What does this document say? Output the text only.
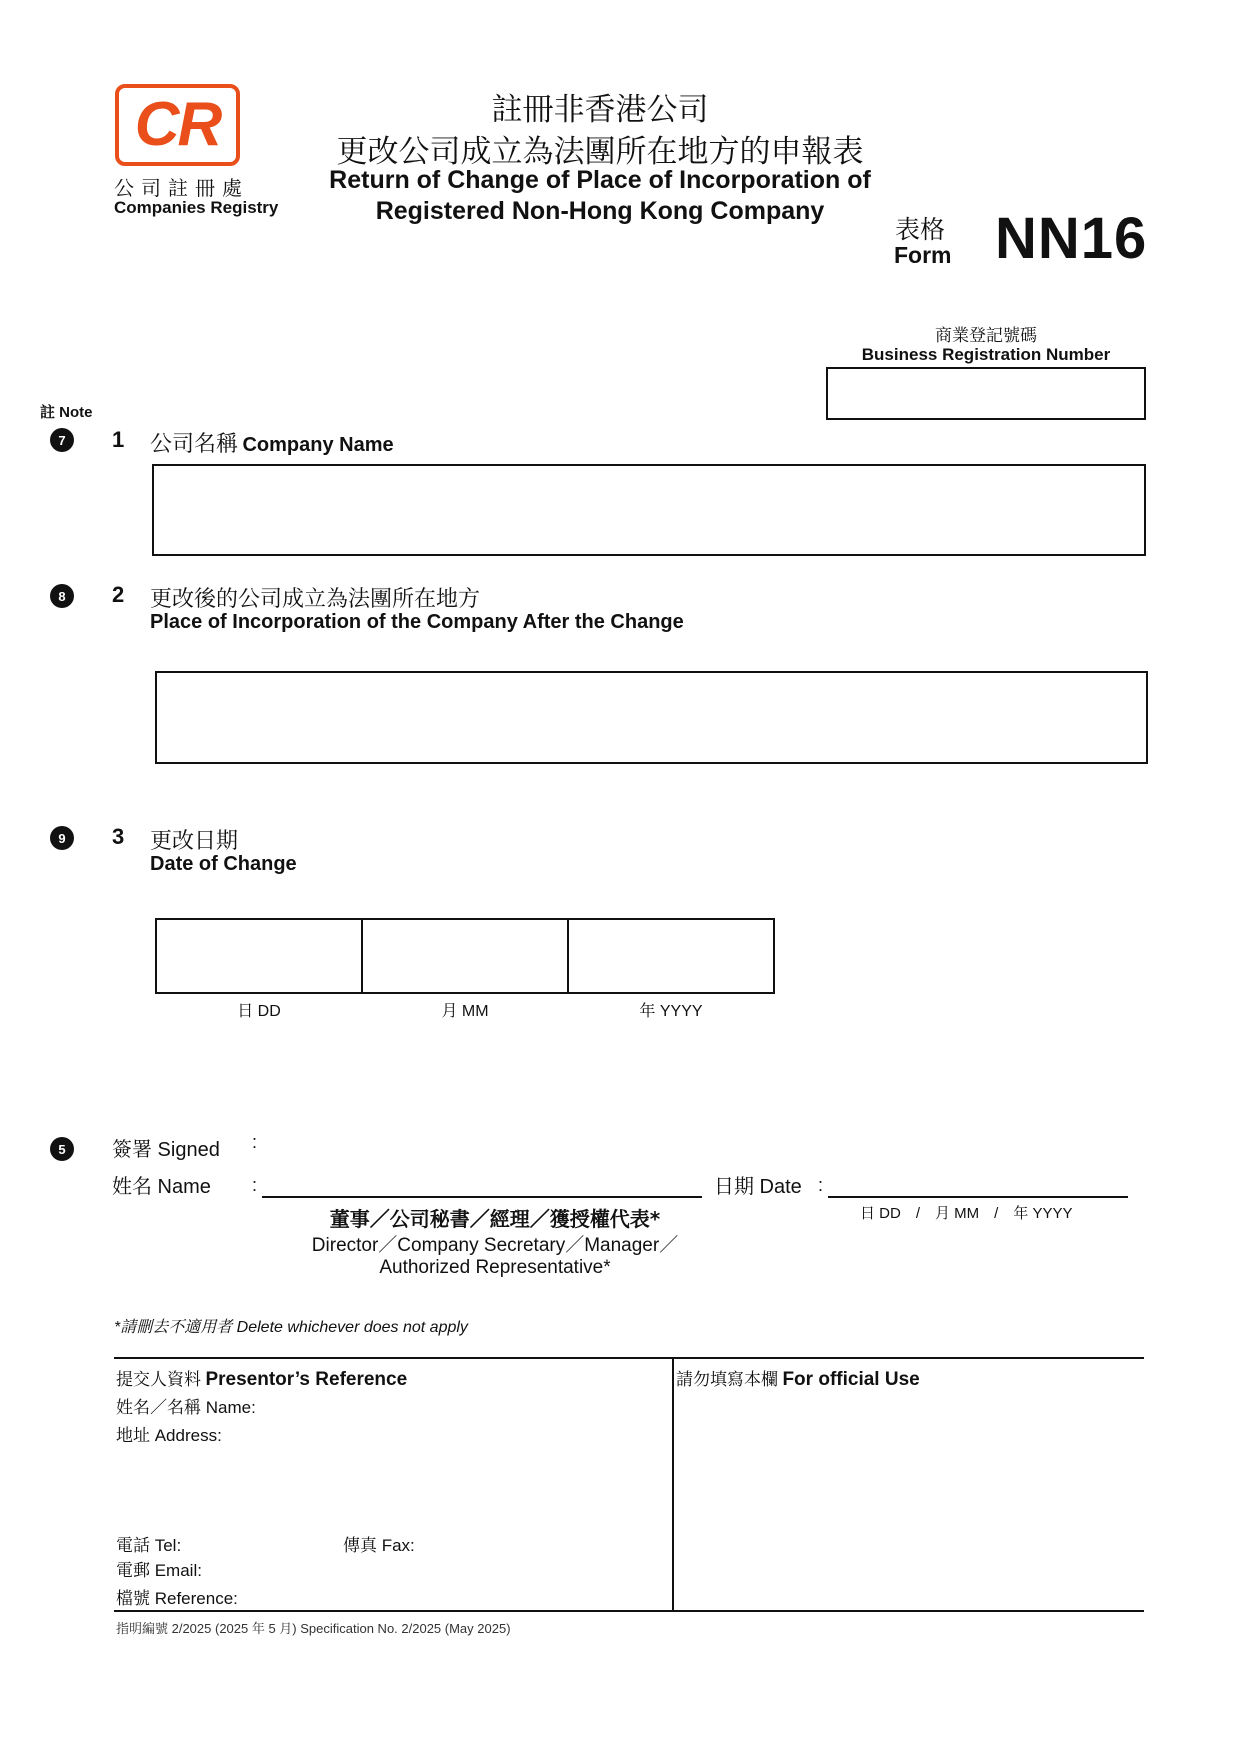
CR
公司註冊處
Companies Registry
註冊非香港公司
更改公司成立為法團所在地方的申報表
Return of Change of Place of Incorporation of
Registered Non-Hong Kong Company
表格
Form NN16
商業登記號碼
Business Registration Number
註 Note
7	1 公司名稱 Company Name
8	2 更改後的公司成立為法團所在地方
Place of Incorporation of the Company After the Change
9	3 更改日期
Date of Change
日 DD	月 MM	年 YYYY
5	簽署 Signed :
姓名 Name :
董事／公司秘書／經理／獲授權代表*
Director／Company Secretary／Manager／
Authorized Representative*
日期 Date :
日 DD　/　月 MM　/　年 YYYY
*請刪去不適用者 Delete whichever does not apply
提交人資料 Presentor’s Reference
姓名／名稱 Name:
地址 Address:
電話 Tel:	傳真 Fax:
電郵 Email:
檔號 Reference:
請勿填寫本欄 For official Use
指明編號 2/2025 (2025 年 5 月) Specification No. 2/2025 (May 2025)
